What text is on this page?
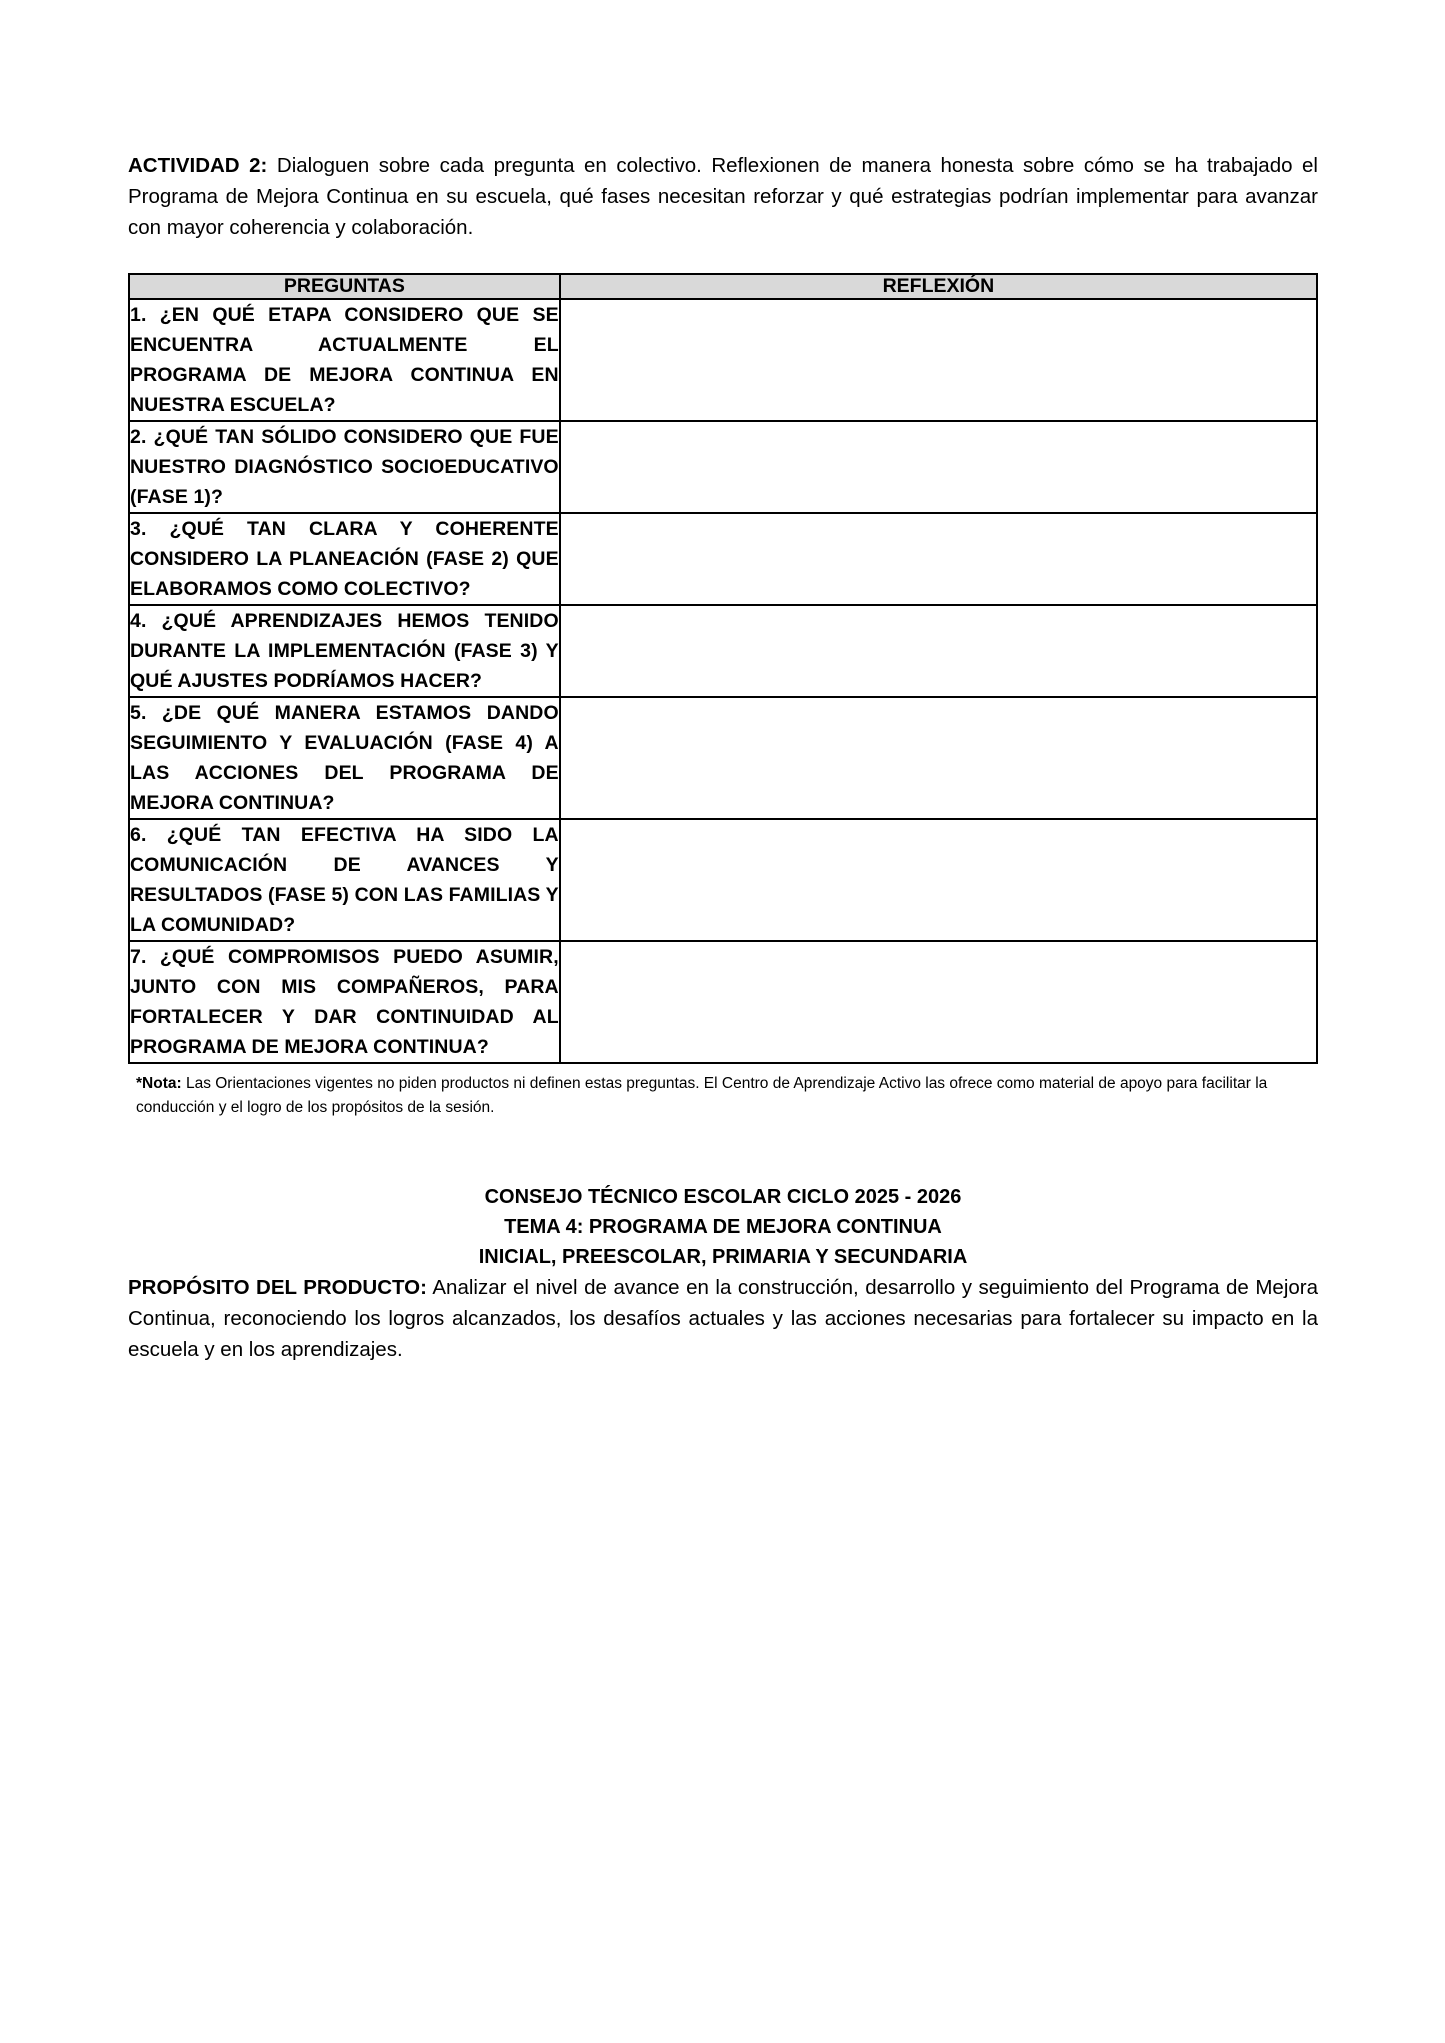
ACTIVIDAD 2: Dialoguen sobre cada pregunta en colectivo. Reflexionen de manera honesta sobre cómo se ha trabajado el Programa de Mejora Continua en su escuela, qué fases necesitan reforzar y qué estrategias podrían implementar para avanzar con mayor coherencia y colaboración.

PREGUNTAS	REFLEXIÓN

1. ¿EN QUÉ ETAPA CONSIDERO QUE SE ENCUENTRA ACTUALMENTE EL PROGRAMA DE MEJORA CONTINUA EN NUESTRA ESCUELA?	

2. ¿QUÉ TAN SÓLIDO CONSIDERO QUE FUE NUESTRO DIAGNÓSTICO SOCIOEDUCATIVO (FASE 1)?	

3. ¿QUÉ TAN CLARA Y COHERENTE CONSIDERO LA PLANEACIÓN (FASE 2) QUE ELABORAMOS COMO COLECTIVO?	

4. ¿QUÉ APRENDIZAJES HEMOS TENIDO DURANTE LA IMPLEMENTACIÓN (FASE 3) Y QUÉ AJUSTES PODRÍAMOS HACER?	

5. ¿DE QUÉ MANERA ESTAMOS DANDO SEGUIMIENTO Y EVALUACIÓN (FASE 4) A LAS ACCIONES DEL PROGRAMA DE MEJORA CONTINUA?	

6. ¿QUÉ TAN EFECTIVA HA SIDO LA COMUNICACIÓN DE AVANCES Y RESULTADOS (FASE 5) CON LAS FAMILIAS Y LA COMUNIDAD?	

7. ¿QUÉ COMPROMISOS PUEDO ASUMIR, JUNTO CON MIS COMPAÑEROS, PARA FORTALECER Y DAR CONTINUIDAD AL PROGRAMA DE MEJORA CONTINUA?	

*Nota: Las Orientaciones vigentes no piden productos ni definen estas preguntas. El Centro de Aprendizaje Activo las ofrece como material de apoyo para facilitar la conducción y el logro de los propósitos de la sesión.

CONSEJO TÉCNICO ESCOLAR CICLO 2025 - 2026
TEMA 4: PROGRAMA DE MEJORA CONTINUA
INICIAL, PREESCOLAR, PRIMARIA Y SECUNDARIA

PROPÓSITO DEL PRODUCTO: Analizar el nivel de avance en la construcción, desarrollo y seguimiento del Programa de Mejora Continua, reconociendo los logros alcanzados, los desafíos actuales y las acciones necesarias para fortalecer su impacto en la escuela y en los aprendizajes.
